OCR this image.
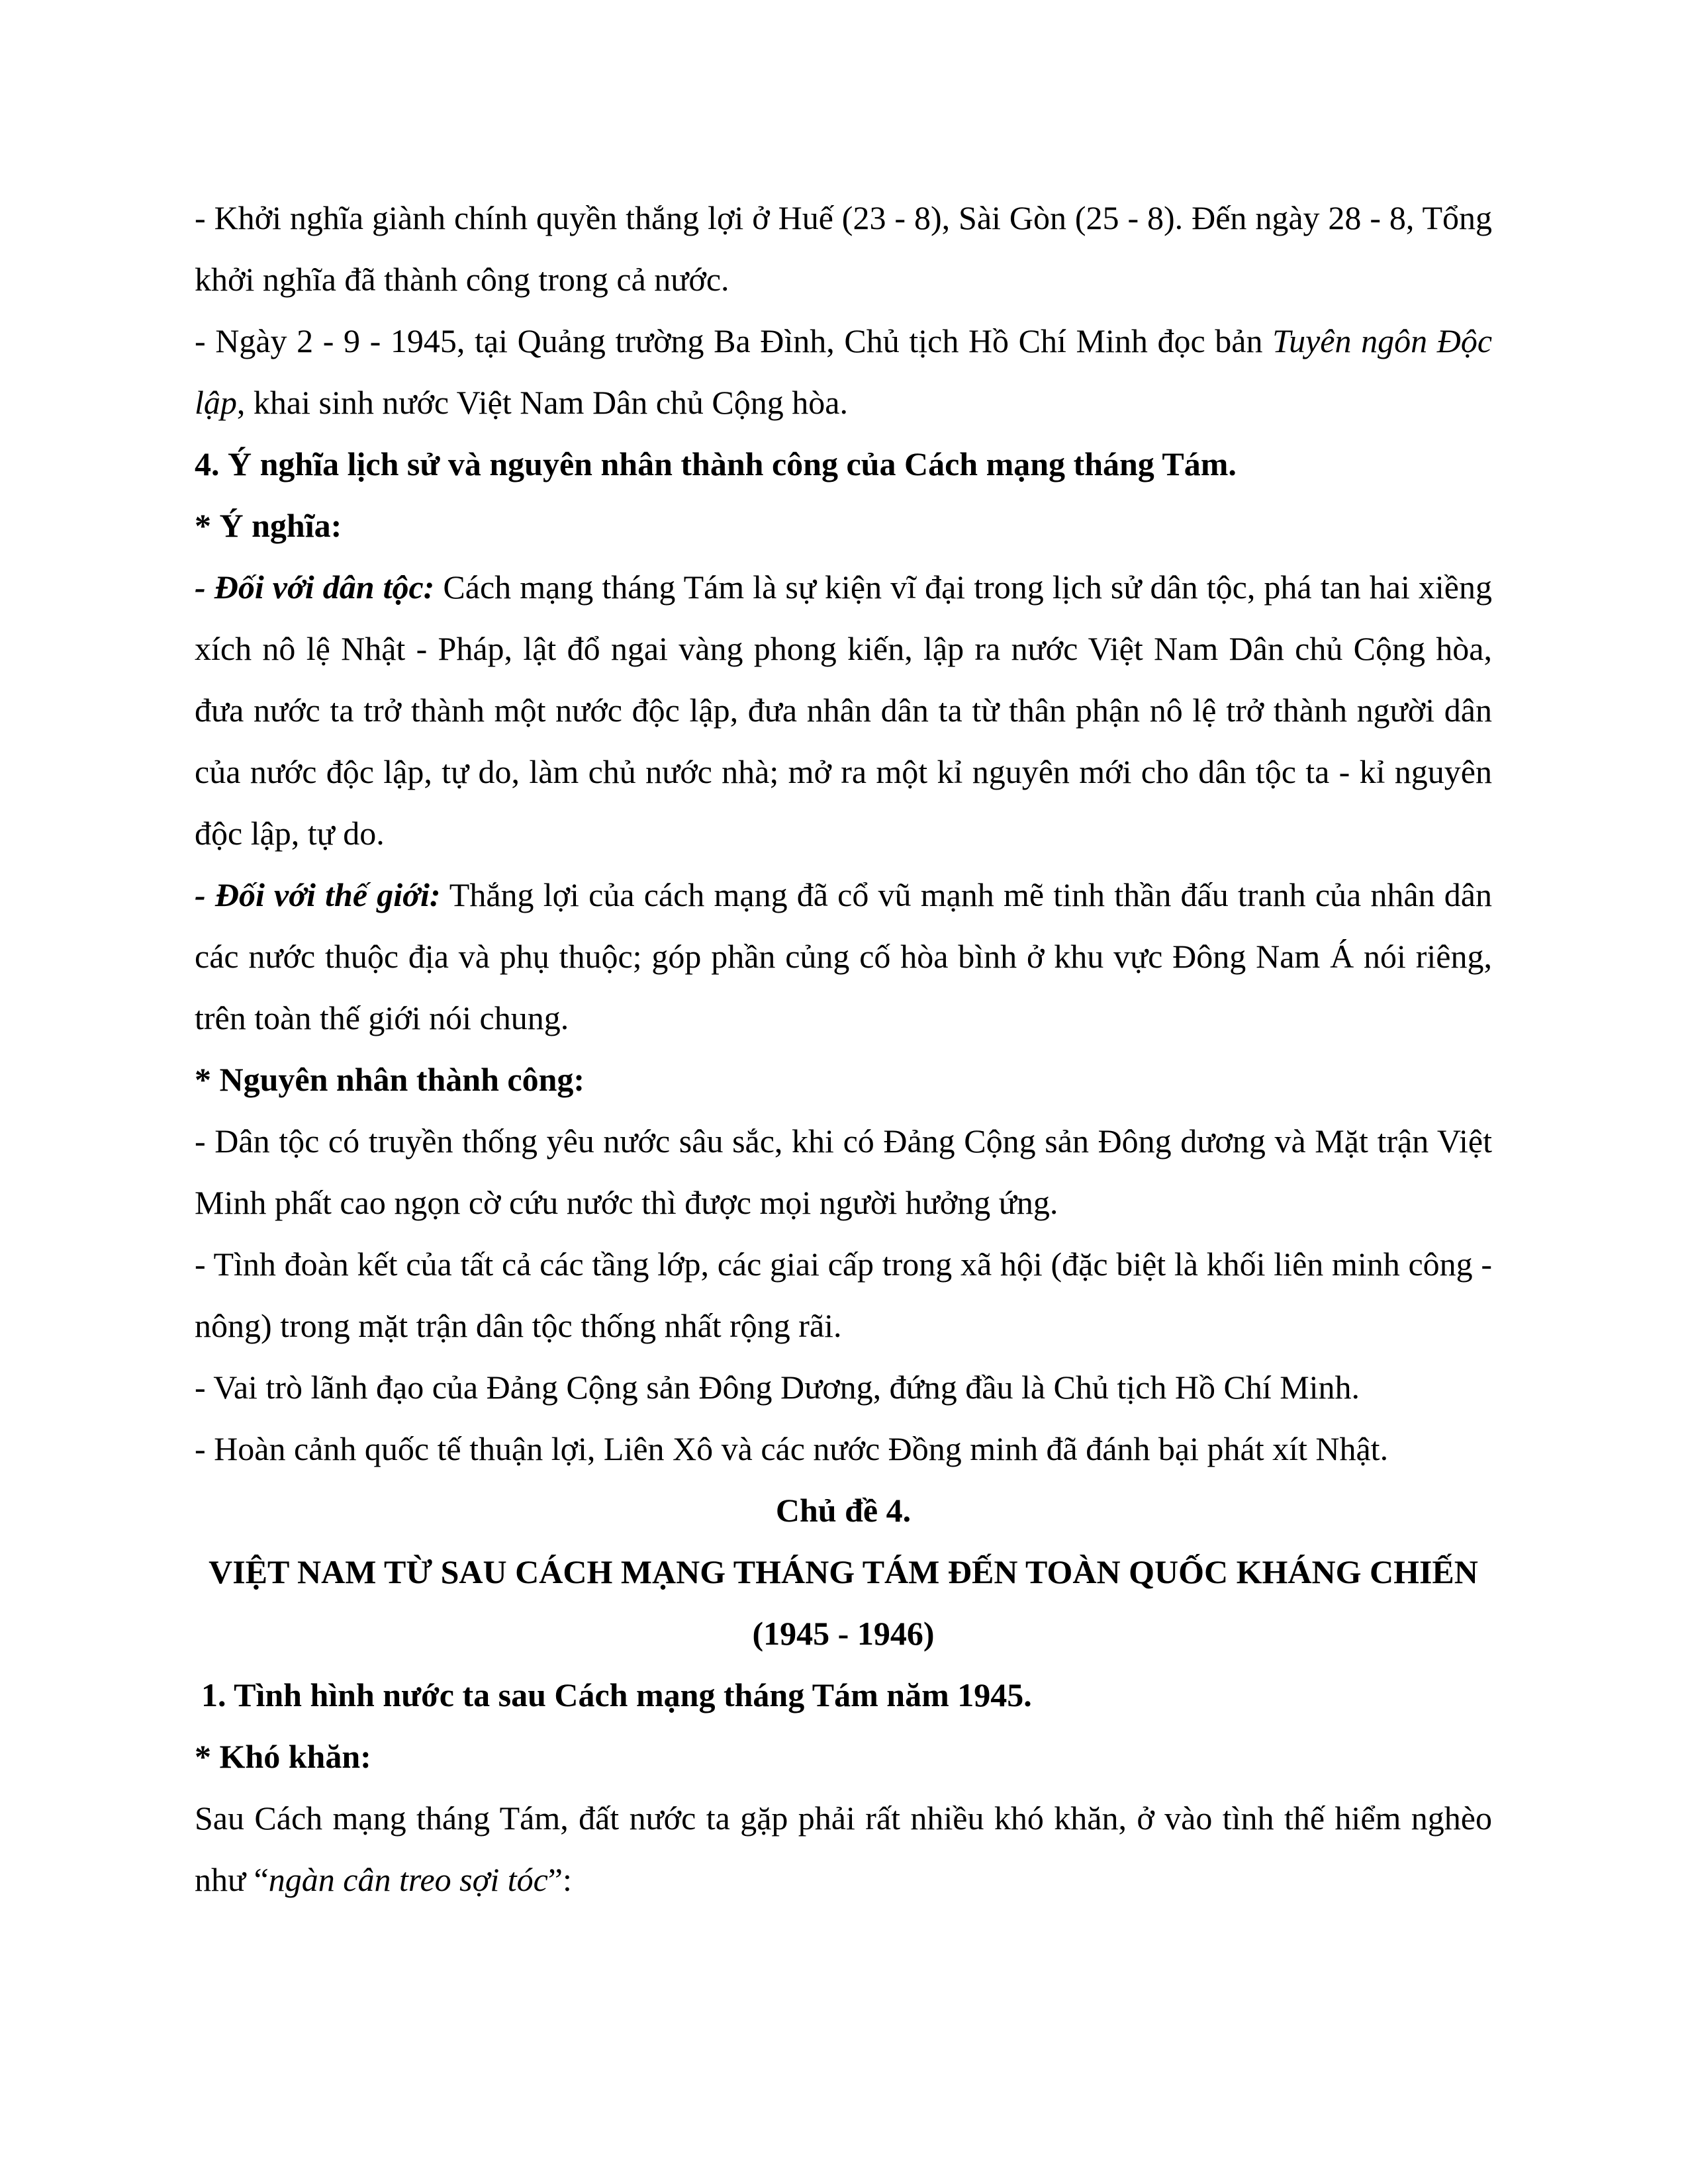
- Khởi nghĩa giành chính quyền thắng lợi ở Huế (23 - 8), Sài Gòn (25 - 8). Đến ngày 28 - 8, Tổng khởi nghĩa đã thành công trong cả nước.

- Ngày 2 - 9 - 1945, tại Quảng trường Ba Đình, Chủ tịch Hồ Chí Minh đọc bản Tuyên ngôn Độc lập, khai sinh nước Việt Nam Dân chủ Cộng hòa.

4. Ý nghĩa lịch sử và nguyên nhân thành công của Cách mạng tháng Tám.

* Ý nghĩa:

- Đối với dân tộc: Cách mạng tháng Tám là sự kiện vĩ đại trong lịch sử dân tộc, phá tan hai xiềng xích nô lệ Nhật - Pháp, lật đổ ngai vàng phong kiến, lập ra nước Việt Nam Dân chủ Cộng hòa, đưa nước ta trở thành một nước độc lập, đưa nhân dân ta từ thân phận nô lệ trở thành người dân của nước độc lập, tự do, làm chủ nước nhà; mở ra một kỉ nguyên mới cho dân tộc ta - kỉ nguyên độc lập, tự do.

- Đối với thế giới: Thắng lợi của cách mạng đã cổ vũ mạnh mẽ tinh thần đấu tranh của nhân dân các nước thuộc địa và phụ thuộc; góp phần củng cố hòa bình ở khu vực Đông Nam Á nói riêng, trên toàn thế giới nói chung.

* Nguyên nhân thành công:

- Dân tộc có truyền thống yêu nước sâu sắc, khi có Đảng Cộng sản Đông dương và Mặt trận Việt Minh phất cao ngọn cờ cứu nước thì được mọi người hưởng ứng.

- Tình đoàn kết của tất cả các tầng lớp, các giai cấp trong xã hội (đặc biệt là khối liên minh công - nông) trong mặt trận dân tộc thống nhất rộng rãi.

- Vai trò lãnh đạo của Đảng Cộng sản Đông Dương, đứng đầu là Chủ tịch Hồ Chí Minh.

- Hoàn cảnh quốc tế thuận lợi, Liên Xô và các nước Đồng minh đã đánh bại phát xít Nhật.

Chủ đề 4.

VIỆT NAM TỪ SAU CÁCH MẠNG THÁNG TÁM ĐẾN TOÀN QUỐC KHÁNG CHIẾN (1945 - 1946)

1. Tình hình nước ta sau Cách mạng tháng Tám năm 1945.

* Khó khăn:

Sau Cách mạng tháng Tám, đất nước ta gặp phải rất nhiều khó khăn, ở vào tình thế hiểm nghèo như “ngàn cân treo sợi tóc”:
